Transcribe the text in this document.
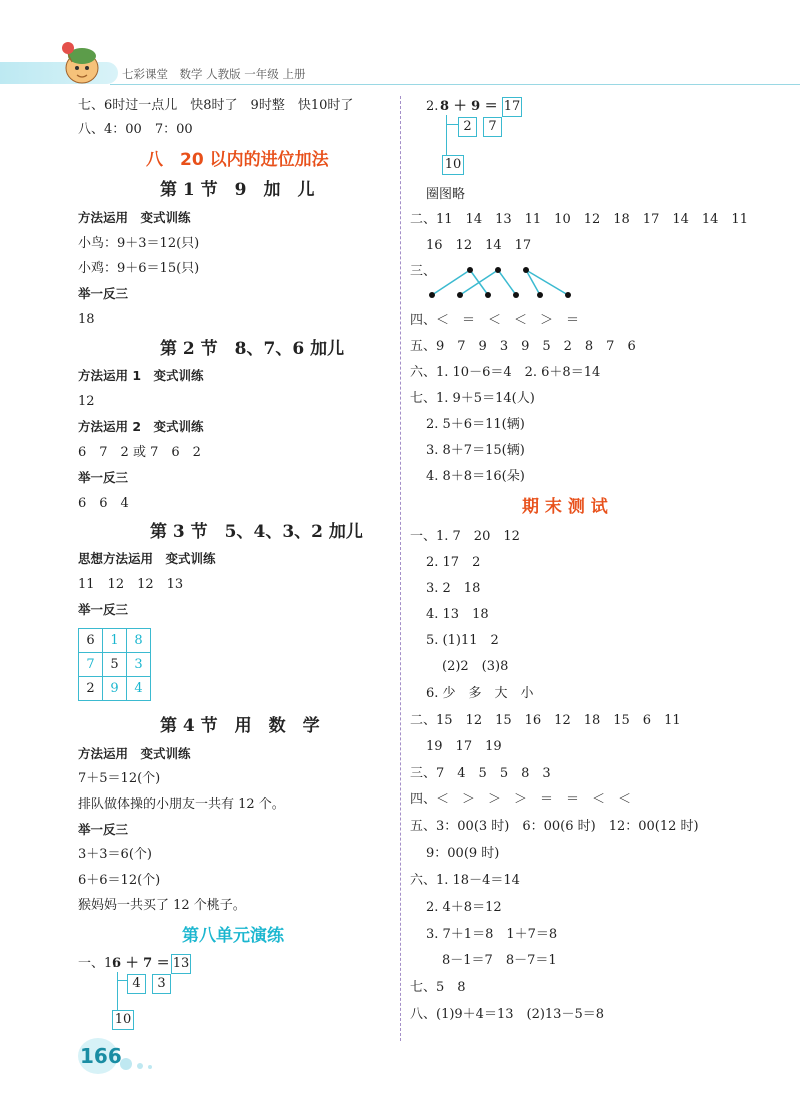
七彩课堂　数学 人教版 一年级 上册
七、6时过一点儿　快8时了　9时整　快10时了
八、4：00　7：00
八　20 以内的进位加法
第 1 节　9　加　儿
方法运用　变式训练
小鸟：9＋3＝12(只)
小鸡：9＋6＝15(只)
举一反三
18
第 2 节　8、7、6 加儿
方法运用 1　变式训练
12
方法运用 2　变式训练
6　7　2 或 7　6　2
举一反三
6　6　4
第 3 节　5、4、3、2 加儿
思想方法运用　变式训练
11　12　12　13
举一反三
6	1	8
7	5	3
2	9	4
第 4 节　用　数　学
方法运用　变式训练
7＋5＝12(个)
排队做体操的小朋友一共有 12 个。
举一反三
3＋3＝6(个)
6＋6＝12(个)
猴妈妈一共买了 12 个桃子。
第八单元演练
一、1.
6 ＋ 7 ＝ 13
4	3
10
166
2. 8 ＋ 9 ＝ 17
2	7
10
圈图略
二、11　14　13　11　10　12　18　17　14　14　11
16　12　14　17
三、
四、＜　＝　＜　＜　＞　＝
五、9　7　9　3　9　5　2　8　7　6
六、1. 10－6＝4　2. 6＋8＝14
七、1. 9＋5＝14(人)
2. 5＋6＝11(辆)
3. 8＋7＝15(辆)
4. 8＋8＝16(朵)
期 末 测 试
一、1. 7　20　12
2. 17　2
3. 2　18
4. 13　18
5. (1)11　2
(2)2　(3)8
6. 少　多　大　小
二、15　12　15　16　12　18　15　6　11
19　17　19
三、7　4　5　5　8　3
四、＜　＞　＞　＞　＝　＝　＜　＜
五、3：00(3 时)　6：00(6 时)　12：00(12 时)
9：00(9 时)
六、1. 18－4＝14
2. 4＋8＝12
3. 7＋1＝8　1＋7＝8
8－1＝7　8－7＝1
七、5　8
八、(1)9＋4＝13　(2)13－5＝8
